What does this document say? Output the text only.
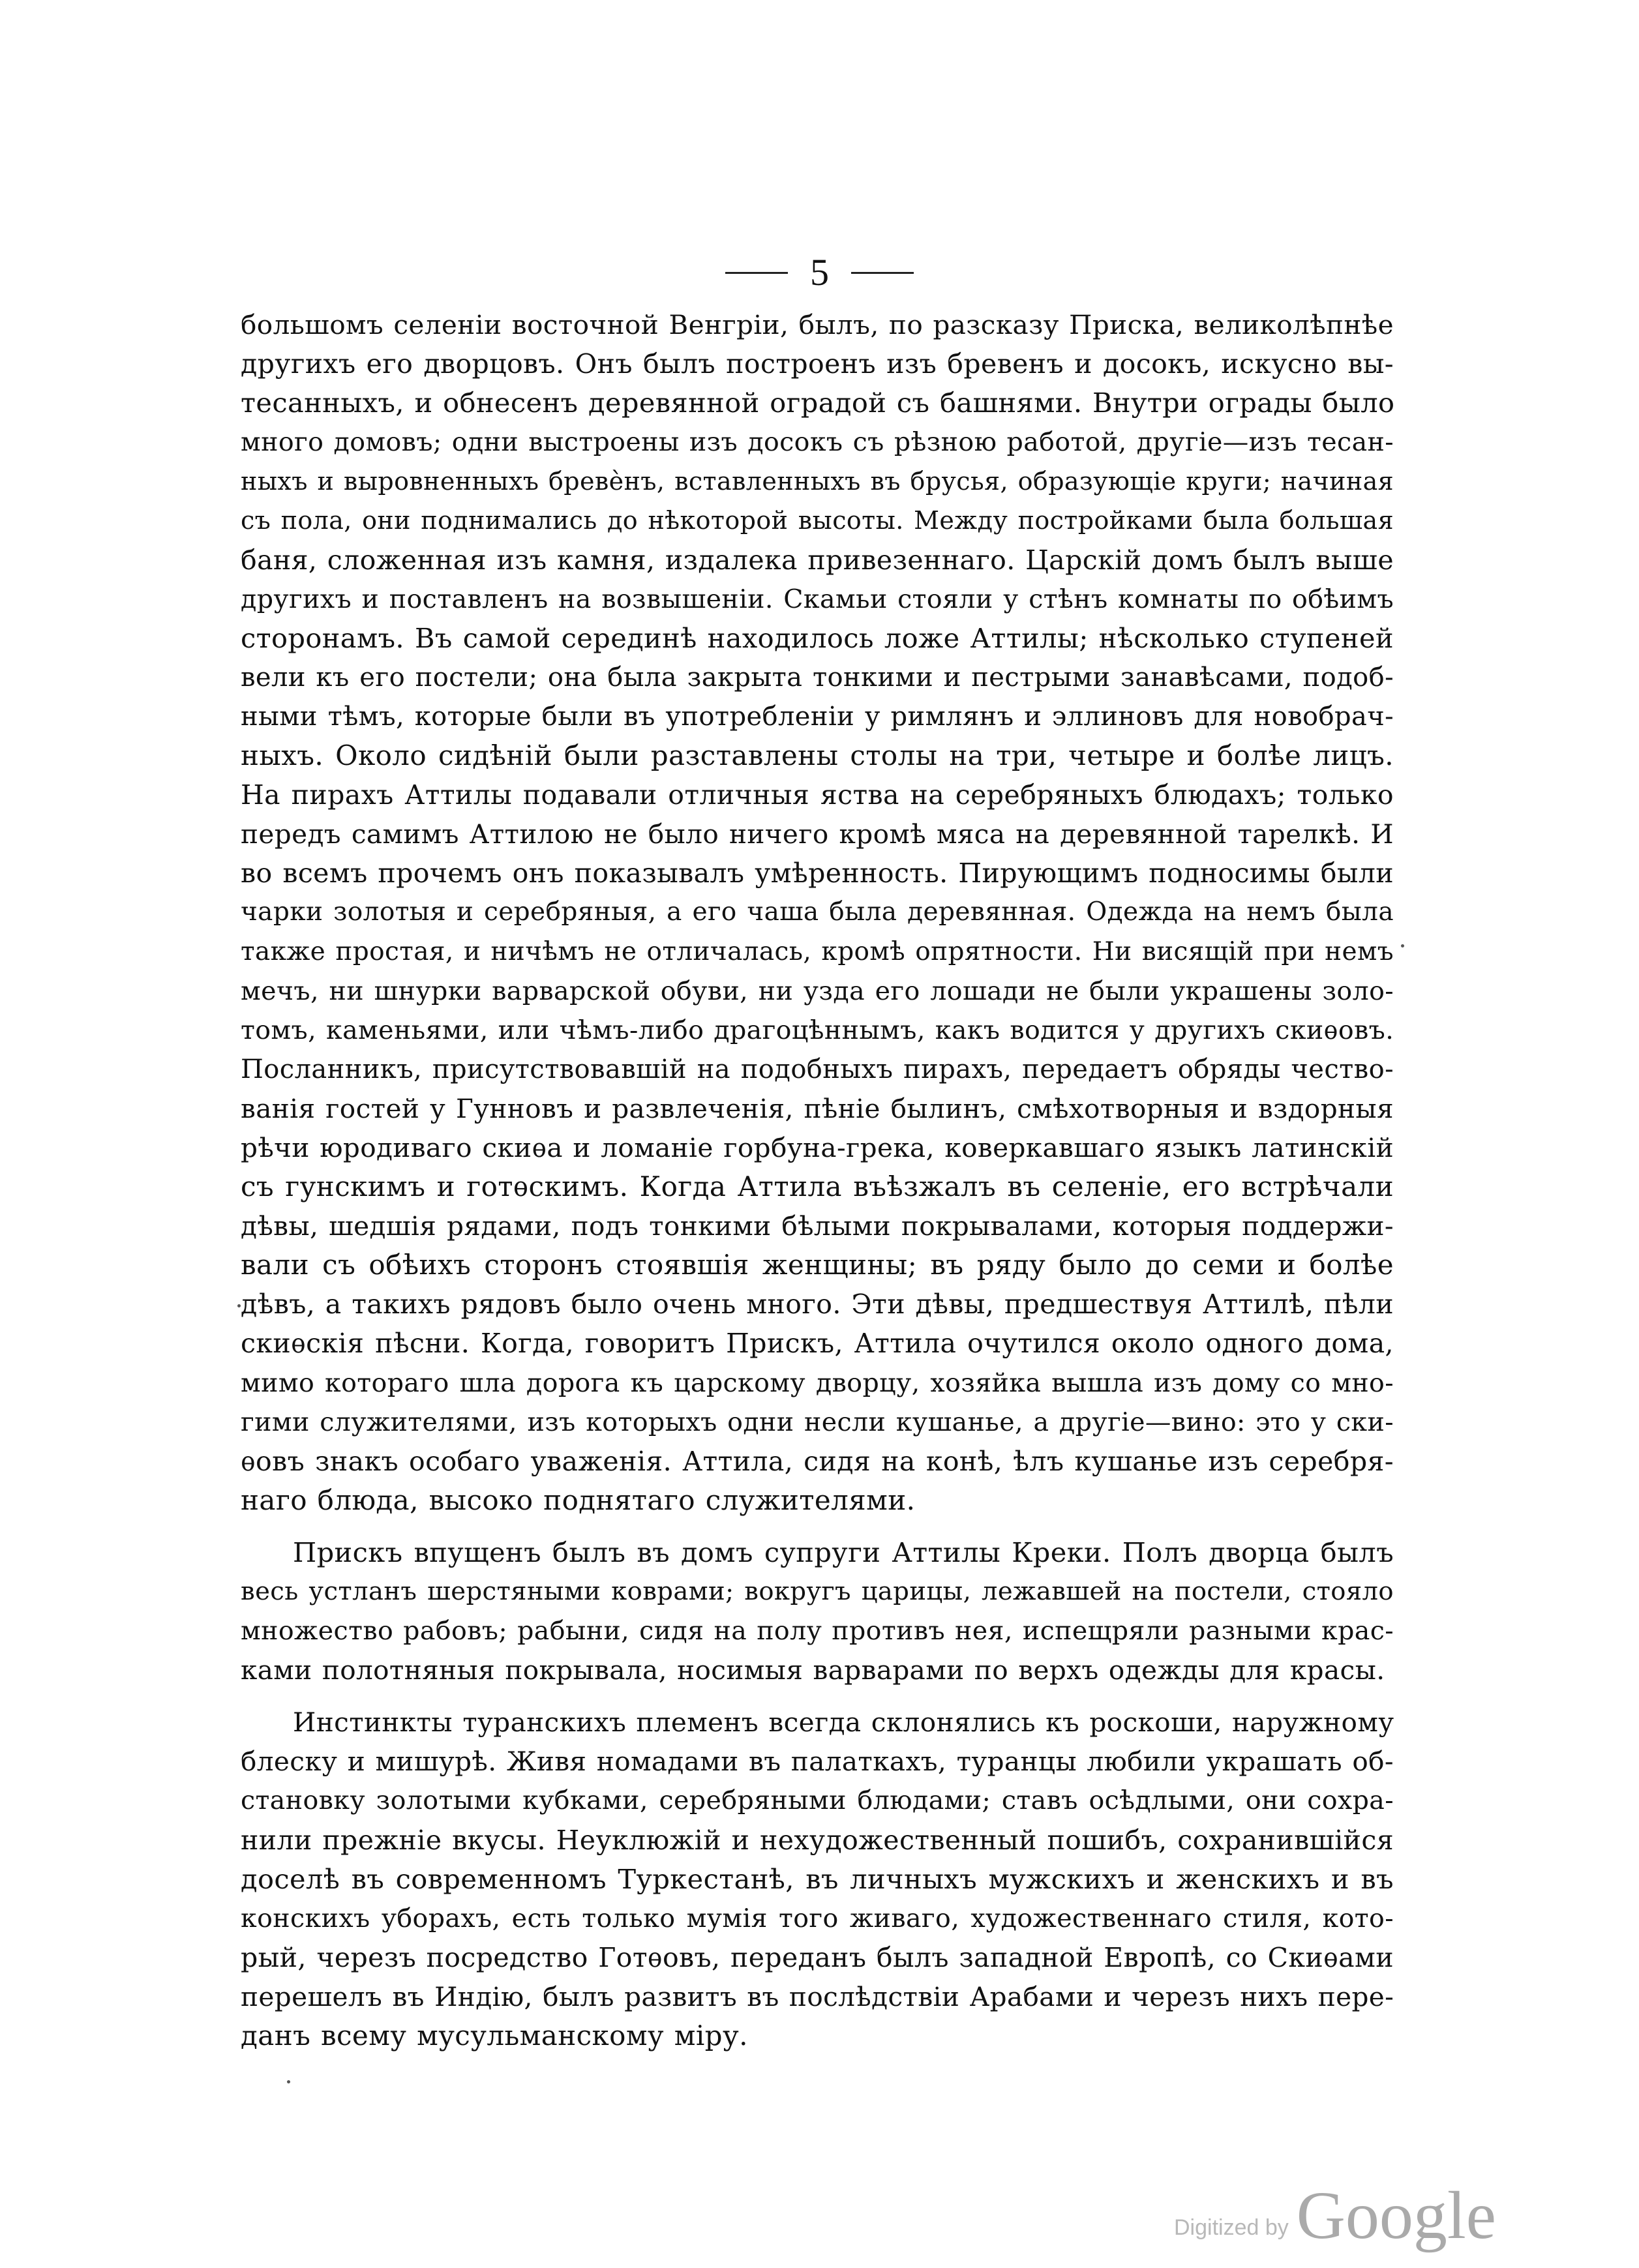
5

большомъ селеніи восточной Венгріи, былъ, по разсказу Приска, великолѣпнѣе
другихъ его дворцовъ. Онъ былъ построенъ изъ бревенъ и досокъ, искусно вы-
тесанныхъ, и обнесенъ деревянной оградой съ башнями. Внутри ограды было
много домовъ; одни выстроены изъ досокъ съ рѣзною работой, другіе—изъ тесан-
ныхъ и выровненныхъ бревѐнъ, вставленныхъ въ брусья, образующіе круги; начиная
съ пола, они поднимались до нѣкоторой высоты. Между постройками была большая
баня, сложенная изъ камня, издалека привезеннаго. Царскій домъ былъ выше
другихъ и поставленъ на возвышеніи. Скамьи стояли у стѣнъ комнаты по обѣимъ
сторонамъ. Въ самой серединѣ находилось ложе Аттилы; нѣсколько ступеней
вели къ его постели; она была закрыта тонкими и пестрыми занавѣсами, подоб-
ными тѣмъ, которые были въ употребленіи у римлянъ и эллиновъ для новобрач-
ныхъ. Около сидѣній были разставлены столы на три, четыре и болѣе лицъ.
На пирахъ Аттилы подавали отличныя яства на серебряныхъ блюдахъ; только
передъ самимъ Аттилою не было ничего кромѣ мяса на деревянной тарелкѣ. И
во всемъ прочемъ онъ показывалъ умѣренность. Пирующимъ подносимы были
чарки золотыя и серебряныя, а его чаша была деревянная. Одежда на немъ была
также простая, и ничѣмъ не отличалась, кромѣ опрятности. Ни висящій при немъ
мечъ, ни шнурки варварской обуви, ни узда его лошади не были украшены золо-
томъ, каменьями, или чѣмъ-либо драгоцѣннымъ, какъ водится у другихъ скиѳовъ.
Посланникъ, присутствовавшій на подобныхъ пирахъ, передаетъ обряды чество-
ванія гостей у Гунновъ и развлеченія, пѣніе былинъ, смѣхотворныя и вздорныя
рѣчи юродиваго скиѳа и ломаніе горбуна-грека, коверкавшаго языкъ латинскій
съ гунскимъ и готѳскимъ. Когда Аттила въѣзжалъ въ селеніе, его встрѣчали
дѣвы, шедшія рядами, подъ тонкими бѣлыми покрывалами, которыя поддержи-
вали съ обѣихъ сторонъ стоявшія женщины; въ ряду было до семи и болѣе
дѣвъ, а такихъ рядовъ было очень много. Эти дѣвы, предшествуя Аттилѣ, пѣли
скиѳскія пѣсни. Когда, говоритъ Прискъ, Аттила очутился около одного дома,
мимо котораго шла дорога къ царскому дворцу, хозяйка вышла изъ дому со мно-
гими служителями, изъ которыхъ одни несли кушанье, а другіе—вино: это у ски-
ѳовъ знакъ особаго уваженія. Аттила, сидя на конѣ, ѣлъ кушанье изъ серебря-
наго блюда, высоко поднятаго служителями.

Прискъ впущенъ былъ въ домъ супруги Аттилы Креки. Полъ дворца былъ
весь устланъ шерстяными коврами; вокругъ царицы, лежавшей на постели, стояло
множество рабовъ; рабыни, сидя на полу противъ нея, испещряли разными крас-
ками полотняныя покрывала, носимыя варварами по верхъ одежды для красы.

Инстинкты туранскихъ племенъ всегда склонялись къ роскоши, наружному
блеску и мишурѣ. Живя номадами въ палаткахъ, туранцы любили украшать об-
становку золотыми кубками, серебряными блюдами; ставъ осѣдлыми, они сохра-
нили прежніе вкусы. Неуклюжій и нехудожественный пошибъ, сохранившійся
доселѣ въ современномъ Туркестанѣ, въ личныхъ мужскихъ и женскихъ и въ
конскихъ уборахъ, есть только мумія того живаго, художественнаго стиля, кото-
рый, черезъ посредство Готѳовъ, переданъ былъ западной Европѣ, со Скиѳами
перешелъ въ Индію, былъ развитъ въ послѣдствіи Арабами и черезъ нихъ пере-
данъ всему мусульманскому міру.

Digitized by Google
